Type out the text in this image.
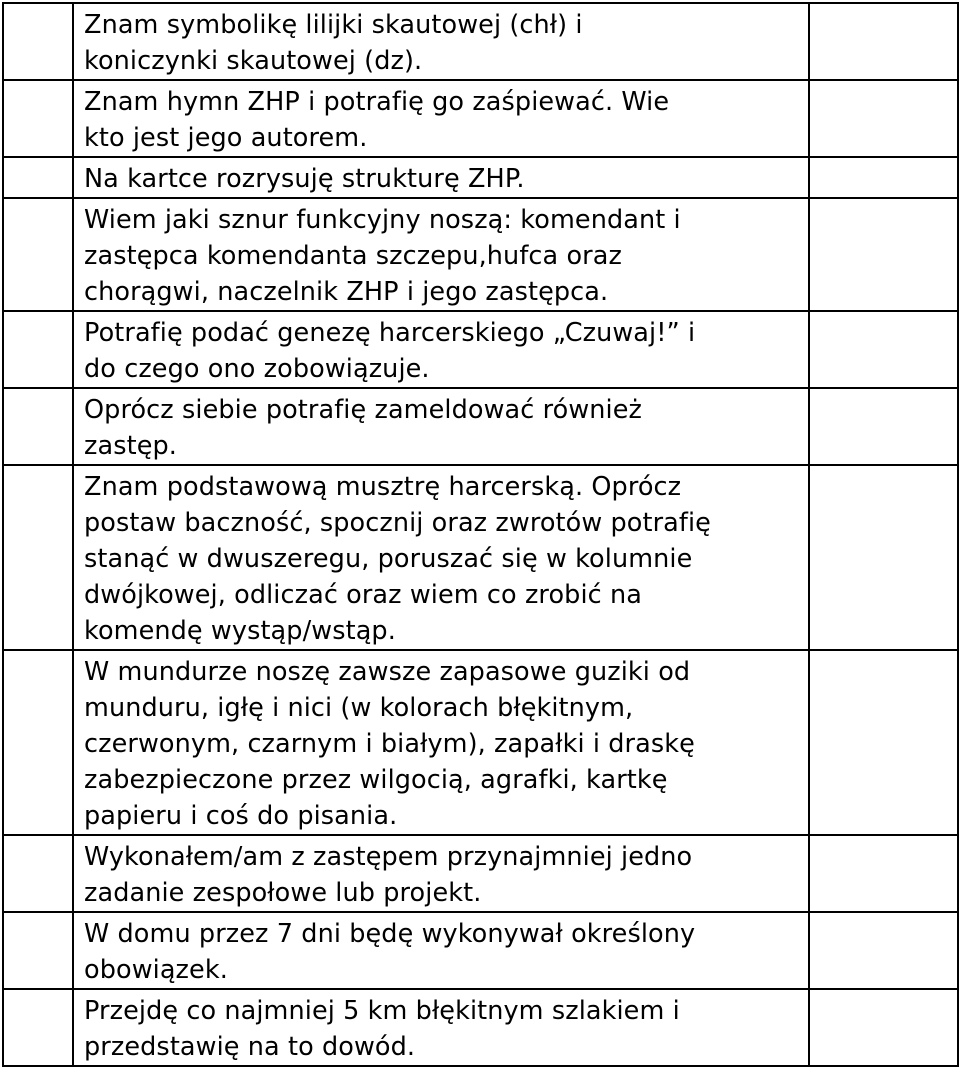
	Znam symbolikę lilijki skautowej (chł) i
koniczynki skautowej (dz).	

	Znam hymn ZHP i potrafię go zaśpiewać. Wie
kto jest jego autorem.	

	Na kartce rozrysuję strukturę ZHP.	

	Wiem jaki sznur funkcyjny noszą: komendant i
zastępca komendanta szczepu,hufca oraz
chorągwi, naczelnik ZHP i jego zastępca.	

	Potrafię podać genezę harcerskiego „Czuwaj!” i
do czego ono zobowiązuje.	

	Oprócz siebie potrafię zameldować również
zastęp.	

	Znam podstawową musztrę harcerską. Oprócz
postaw baczność, spocznij oraz zwrotów potrafię
stanąć w dwuszeregu, poruszać się w kolumnie
dwójkowej, odliczać oraz wiem co zrobić na
komendę wystąp/wstąp.	

	W mundurze noszę zawsze zapasowe guziki od
munduru, igłę i nici (w kolorach błękitnym,
czerwonym, czarnym i białym), zapałki i draskę
zabezpieczone przez wilgocią, agrafki, kartkę
papieru i coś do pisania.	

	Wykonałem/am z zastępem przynajmniej jedno
zadanie zespołowe lub projekt.	

	W domu przez 7 dni będę wykonywał określony
obowiązek.	

	Przejdę co najmniej 5 km błękitnym szlakiem i
przedstawię na to dowód.	
